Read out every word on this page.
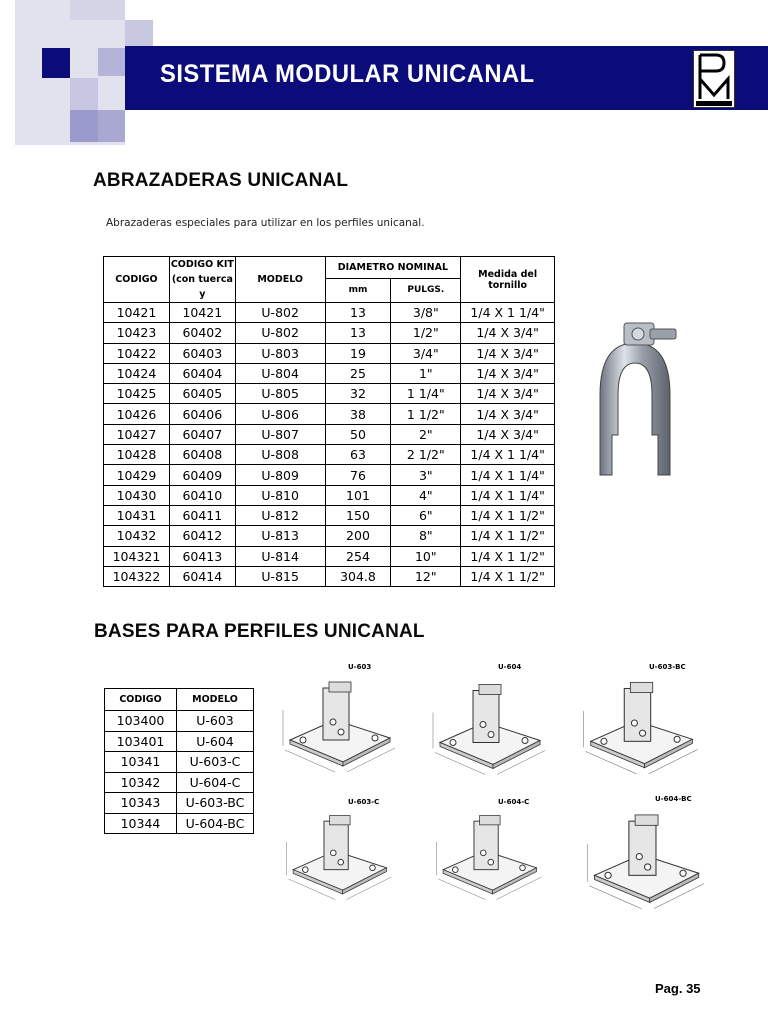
SISTEMA MODULAR UNICANAL
ABRAZADERAS UNICANAL
Abrazaderas especiales para utilizar en los perfiles unicanal.
CODIGO	CODIGO KIT (con tuerca y	MODELO	DIAMETRO NOMINAL		Medida del tornillo
			mm	PULGS.	
10421	10421	U-802	13	3/8"	1/4 X 1 1/4"
10423	60402	U-802	13	1/2"	1/4 X 3/4"
10422	60403	U-803	19	3/4"	1/4 X 3/4"
10424	60404	U-804	25	1"	1/4 X 3/4"
10425	60405	U-805	32	1 1/4"	1/4 X 3/4"
10426	60406	U-806	38	1 1/2"	1/4 X 3/4"
10427	60407	U-807	50	2"	1/4 X 3/4"
10428	60408	U-808	63	2 1/2"	1/4 X 1 1/4"
10429	60409	U-809	76	3"	1/4 X 1 1/4"
10430	60410	U-810	101	4"	1/4 X 1 1/4"
10431	60411	U-812	150	6"	1/4 X 1 1/2"
10432	60412	U-813	200	8"	1/4 X 1 1/2"
104321	60413	U-814	254	10"	1/4 X 1 1/2"
104322	60414	U-815	304.8	12"	1/4 X 1 1/2"
BASES PARA PERFILES UNICANAL
CODIGO	MODELO
103400	U-603
103401	U-604
10341	U-603-C
10342	U-604-C
10343	U-603-BC
10344	U-604-BC
U-603	U-604	U-603-BC
U-603-C	U-604-C	U-604-BC
Pag. 35
